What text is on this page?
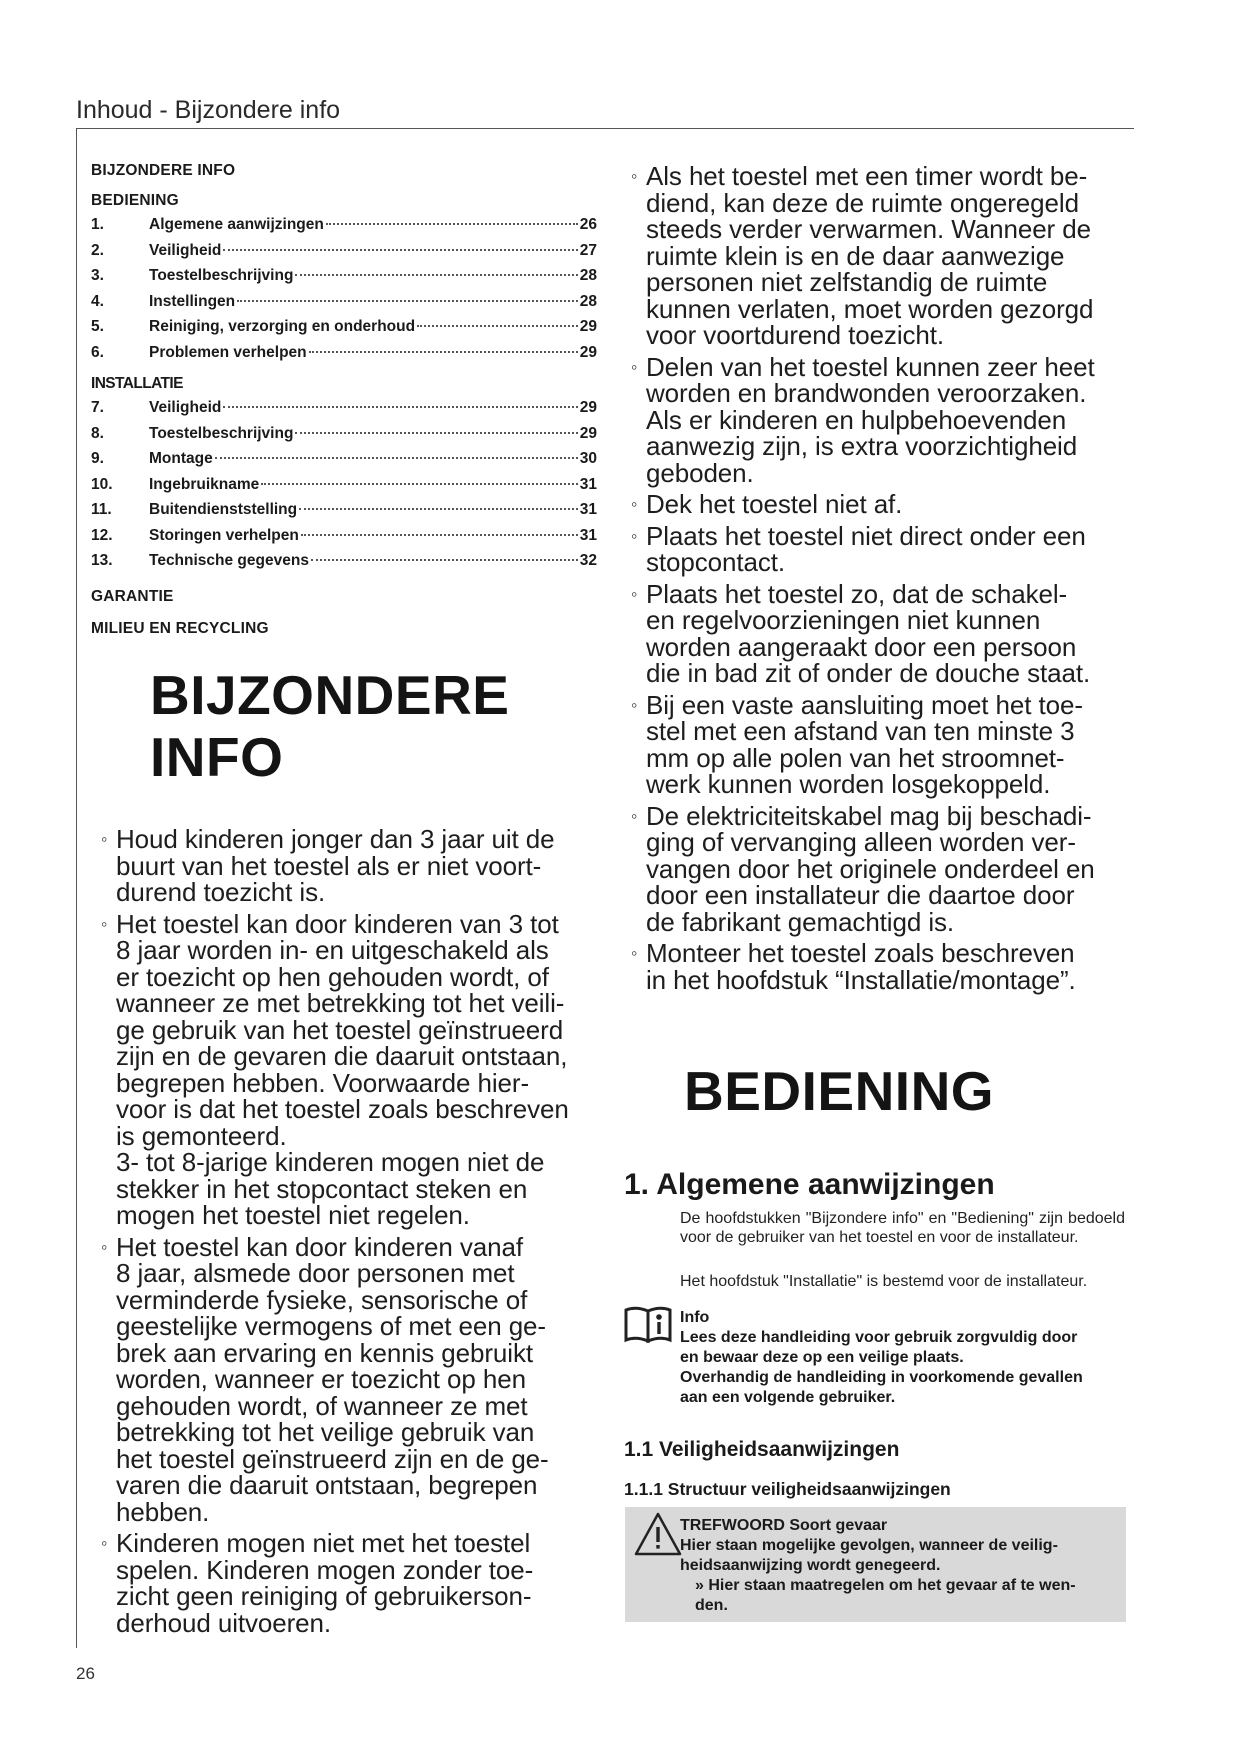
Inhoud - Bijzondere info

BIJZONDERE INFO

BEDIENING

1.	Algemene aanwijzingen	26
2.	Veiligheid	27
3.	Toestelbeschrijving	28
4.	Instellingen	28
5.	Reiniging, verzorging en onderhoud	29
6.	Problemen verhelpen	29

INSTALLATIE

7.	Veiligheid	29
8.	Toestelbeschrijving	29
9.	Montage	30
10.	Ingebruikname	31
11.	Buitendienststelling	31
12.	Storingen verhelpen	31
13.	Technische gegevens	32

GARANTIE

MILIEU EN RECYCLING

BIJZONDERE INFO
◦ Houd kinderen jonger dan 3 jaar uit de
buurt van het toestel als er niet voort-
durend toezicht is.
◦ Het toestel kan door kinderen van 3 tot
8 jaar worden in- en uitgeschakeld als
er toezicht op hen gehouden wordt, of
wanneer ze met betrekking tot het veili-
ge gebruik van het toestel geïnstrueerd
zijn en de gevaren die daaruit ontstaan,
begrepen hebben. Voorwaarde hier-
voor is dat het toestel zoals beschreven
is gemonteerd.
3- tot 8-jarige kinderen mogen niet de
stekker in het stopcontact steken en
mogen het toestel niet regelen.
◦ Het toestel kan door kinderen vanaf
8 jaar, alsmede door personen met
verminderde fysieke, sensorische of
geestelijke vermogens of met een ge-
brek aan ervaring en kennis gebruikt
worden, wanneer er toezicht op hen
gehouden wordt, of wanneer ze met
betrekking tot het veilige gebruik van
het toestel geïnstrueerd zijn en de ge-
varen die daaruit ontstaan, begrepen
hebben.
◦ Kinderen mogen niet met het toestel
spelen. Kinderen mogen zonder toe-
zicht geen reiniging of gebruikerson-
derhoud uitvoeren.
◦ Als het toestel met een timer wordt be-
diend, kan deze de ruimte ongeregeld
steeds verder verwarmen. Wanneer de
ruimte klein is en de daar aanwezige
personen niet zelfstandig de ruimte
kunnen verlaten, moet worden gezorgd
voor voortdurend toezicht.
◦ Delen van het toestel kunnen zeer heet
worden en brandwonden veroorzaken.
Als er kinderen en hulpbehoevenden
aanwezig zijn, is extra voorzichtigheid
geboden.
◦ Dek het toestel niet af.
◦ Plaats het toestel niet direct onder een
stopcontact.
◦ Plaats het toestel zo, dat de schakel-
en regelvoorzieningen niet kunnen
worden aangeraakt door een persoon
die in bad zit of onder de douche staat.
◦ Bij een vaste aansluiting moet het toe-
stel met een afstand van ten minste 3
mm op alle polen van het stroomnet-
werk kunnen worden losgekoppeld.
◦ De elektriciteitskabel mag bij beschadi-
ging of vervanging alleen worden ver-
vangen door het originele onderdeel en
door een installateur die daartoe door
de fabrikant gemachtigd is.
◦ Monteer het toestel zoals beschreven
in het hoofdstuk “Installatie/montage”.
BEDIENING
1. Algemene aanwijzingen

De hoofdstukken "Bijzondere info" en "Bediening" zijn bedoeld voor de gebruiker van het toestel en voor de installateur.

Het hoofdstuk "Installatie" is bestemd voor de installateur.

Info

Lees deze handleiding voor gebruik zorgvuldig door
en bewaar deze op een veilige plaats.

Overhandig de handleiding in voorkomende gevallen
aan een volgende gebruiker.

1.1 Veiligheidsaanwijzingen
1.1.1 Structuur veiligheidsaanwijzingen

TREFWOORD Soort gevaar

Hier staan mogelijke gevolgen, wanneer de veilig-
heidsaanwijzing wordt genegeerd.

» Hier staan maatregelen om het gevaar af te wen-
den.

26
